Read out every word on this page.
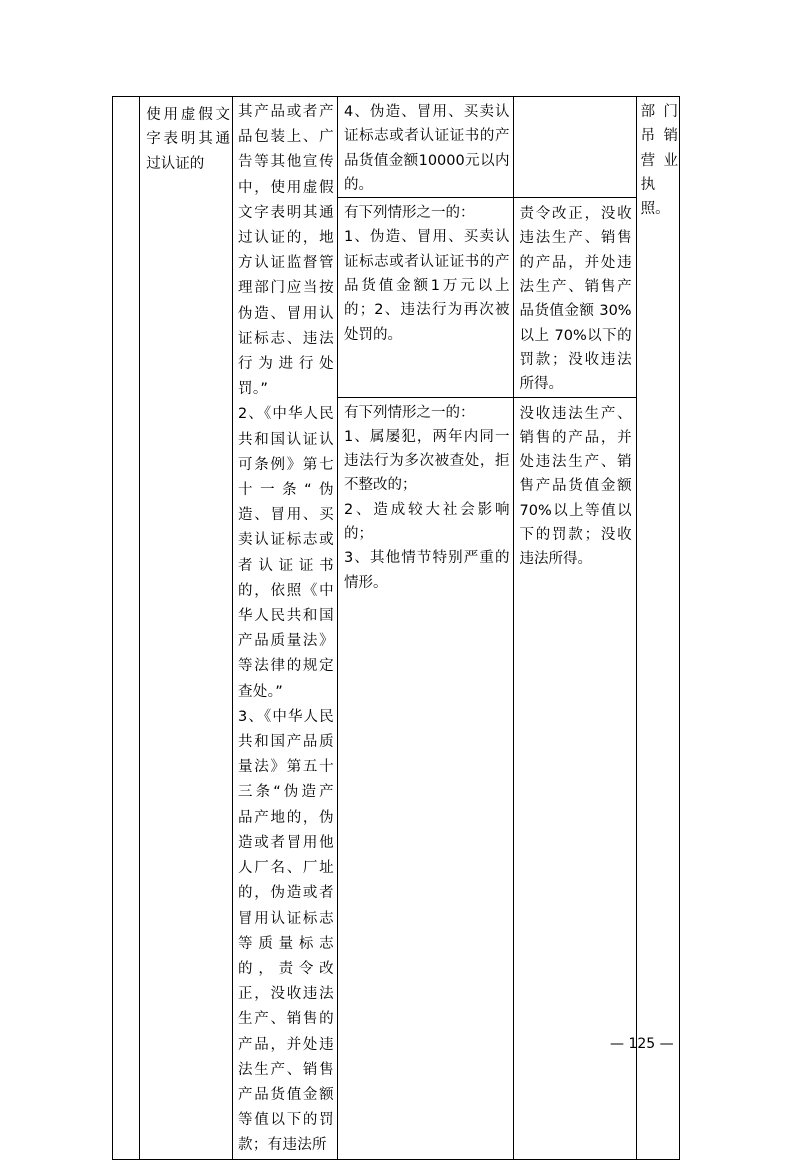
	使用虚假文字表明其通过认证的	其产品或者产品包装上、广告等其他宣传中，使用虚假文字表明其通过认证的，地方认证监督管理部门应当按伪造、冒用认证标志、违法行为进行处罚。”
2、《中华人民共和国认证认可条例》第七十一条“伪造、冒用、买卖认证标志或者认证证书的，依照《中华人民共和国产品质量法》等法律的规定查处。”
3、《中华人民共和国产品质量法》第五十三条“伪造产品产地的，伪造或者冒用他人厂名、厂址的，伪造或者冒用认证标志等质量标志的，责令改正，没收违法生产、销售的产品，并处违法生产、销售产品货值金额等值以下的罚款；有违法所	4、伪造、冒用、买卖认证标志或者认证证书的产品货值金额10000元以内的。		部门吊销营业执照。

			有下列情形之一的：
1、伪造、冒用、买卖认证标志或者认证证书的产品货值金额1万元以上的；2、违法行为再次被处罚的。	责令改正，没收违法生产、销售的产品，并处违法生产、销售产品货值金额 30%以上 70%以下的罚款；没收违法所得。	

			有下列情形之一的：
1、属屡犯，两年内同一违法行为多次被查处，拒不整改的；
2、造成较大社会影响的；
3、其他情节特别严重的情形。	没收违法生产、销售的产品，并处违法生产、销售产品货值金额 70%以上等值以下的罚款；没收违法所得。	
— 125 —
